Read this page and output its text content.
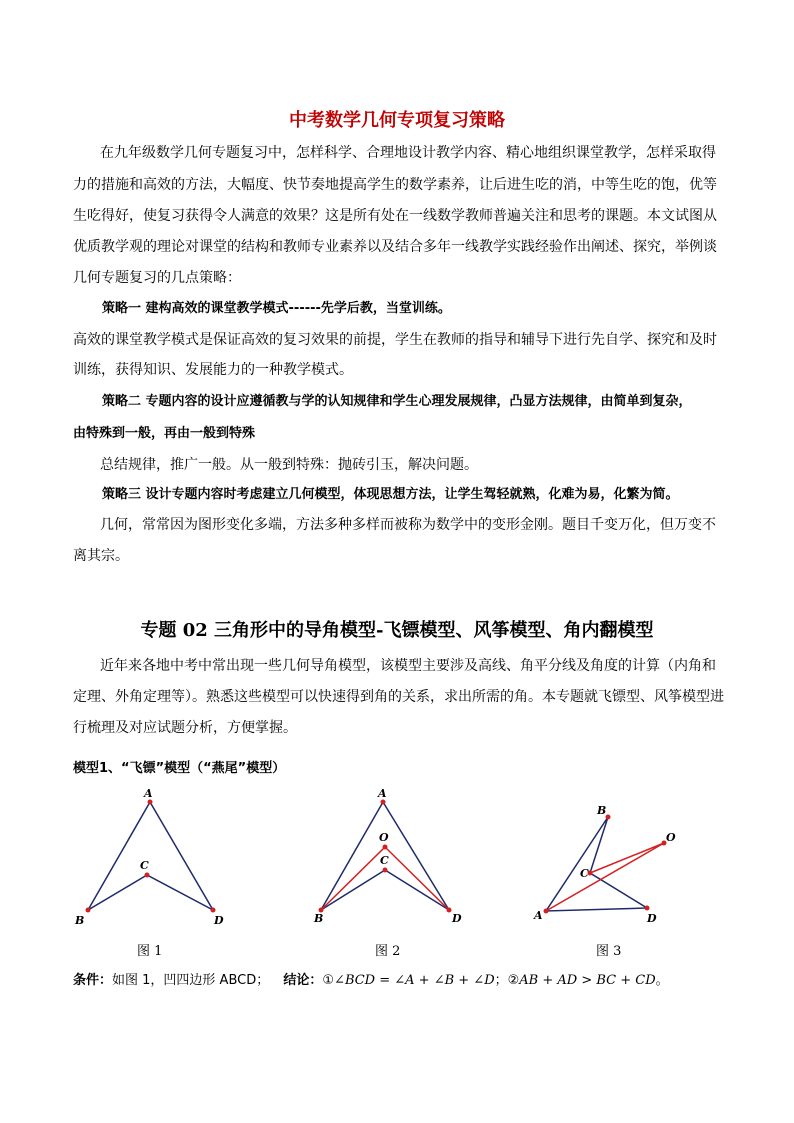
中考数学几何专项复习策略
在九年级数学几何专题复习中，怎样科学、合理地设计教学内容、精心地组织课堂教学，怎样采取得
力的措施和高效的方法，大幅度、快节奏地提高学生的数学素养，让后进生吃的消，中等生吃的饱，优等
生吃得好，使复习获得令人满意的效果？这是所有处在一线数学教师普遍关注和思考的课题。本文试图从
优质教学观的理论对课堂的结构和教师专业素养以及结合多年一线教学实践经验作出阐述、探究，举例谈
几何专题复习的几点策略：
策略一 建构高效的课堂教学模式------先学后教，当堂训练。
高效的课堂教学模式是保证高效的复习效果的前提，学生在教师的指导和辅导下进行先自学、探究和及时
训练，获得知识、发展能力的一种教学模式。
策略二 专题内容的设计应遵循教与学的认知规律和学生心理发展规律，凸显方法规律，由简单到复杂，
由特殊到一般，再由一般到特殊
总结规律，推广一般。从一般到特殊：抛砖引玉，解决问题。
策略三 设计专题内容时考虑建立几何模型，体现思想方法，让学生驾轻就熟，化难为易，化繁为简。
几何，常常因为图形变化多端，方法多种多样而被称为数学中的变形金刚。题目千变万化，但万变不
离其宗。
专题 02 三角形中的导角模型-飞镖模型、风筝模型、角内翻模型
近年来各地中考中常出现一些几何导角模型，该模型主要涉及高线、角平分线及角度的计算（内角和
定理、外角定理等）。熟悉这些模型可以快速得到角的关系，求出所需的角。本专题就飞镖型、风筝模型进
行梳理及对应试题分析，方便掌握。
模型1、“飞镖”模型（“燕尾”模型）
A
C
B	D
图 1
A
O
C
B	D
图 2
B
O
C
A	D
图 3
条件：如图 1，凹四边形 ABCD； 结论：①∠BCD = ∠A + ∠B + ∠D；②AB + AD > BC + CD。
